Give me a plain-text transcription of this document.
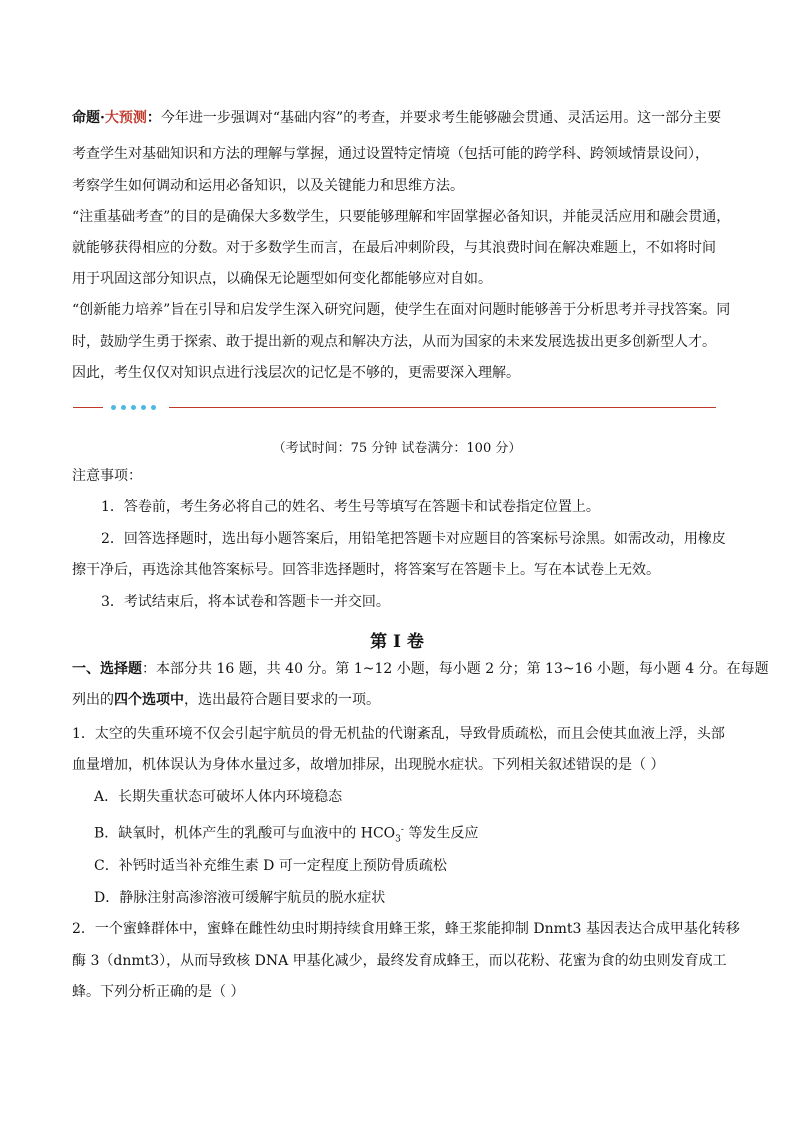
命题·大预测：今年进一步强调对“基础内容”的考查，并要求考生能够融会贯通、灵活运用。这一部分主要
考查学生对基础知识和方法的理解与掌握，通过设置特定情境（包括可能的跨学科、跨领域情景设问），
考察学生如何调动和运用必备知识，以及关键能力和思维方法。
“注重基础考查”的目的是确保大多数学生，只要能够理解和牢固掌握必备知识，并能灵活应用和融会贯通，
就能够获得相应的分数。对于多数学生而言，在最后冲刺阶段，与其浪费时间在解决难题上，不如将时间
用于巩固这部分知识点，以确保无论题型如何变化都能够应对自如。
“创新能力培养”旨在引导和启发学生深入研究问题，使学生在面对问题时能够善于分析思考并寻找答案。同
时，鼓励学生勇于探索、敢于提出新的观点和解决方法，从而为国家的未来发展选拔出更多创新型人才。
因此，考生仅仅对知识点进行浅层次的记忆是不够的，更需要深入理解。
（考试时间：75 分钟 试卷满分：100 分）
注意事项：
1．答卷前，考生务必将自己的姓名、考生号等填写在答题卡和试卷指定位置上。
2．回答选择题时，选出每小题答案后，用铅笔把答题卡对应题目的答案标号涂黑。如需改动，用橡皮
擦干净后，再选涂其他答案标号。回答非选择题时，将答案写在答题卡上。写在本试卷上无效。
3．考试结束后，将本试卷和答题卡一并交回。
第 I 卷
一、选择题：本部分共 16 题，共 40 分。第 1~12 小题，每小题 2 分；第 13~16 小题，每小题 4 分。在每题
列出的四个选项中，选出最符合题目要求的一项。
1．太空的失重环境不仅会引起宇航员的骨无机盐的代谢紊乱，导致骨质疏松，而且会使其血液上浮，头部
血量增加，机体误认为身体水量过多，故增加排尿，出现脱水症状。下列相关叙述错误的是（ ）
A．长期失重状态可破坏人体内环境稳态
B．缺氧时，机体产生的乳酸可与血液中的 $HCO_3^-$ 等发生反应
C．补钙时适当补充维生素 D 可一定程度上预防骨质疏松
D．静脉注射高渗溶液可缓解宇航员的脱水症状
2．一个蜜蜂群体中，蜜蜂在雌性幼虫时期持续食用蜂王浆，蜂王浆能抑制 Dnmt3 基因表达合成甲基化转移
酶 3（dnmt3），从而导致核 DNA 甲基化减少，最终发育成蜂王，而以花粉、花蜜为食的幼虫则发育成工
蜂。下列分析正确的是（ ）
